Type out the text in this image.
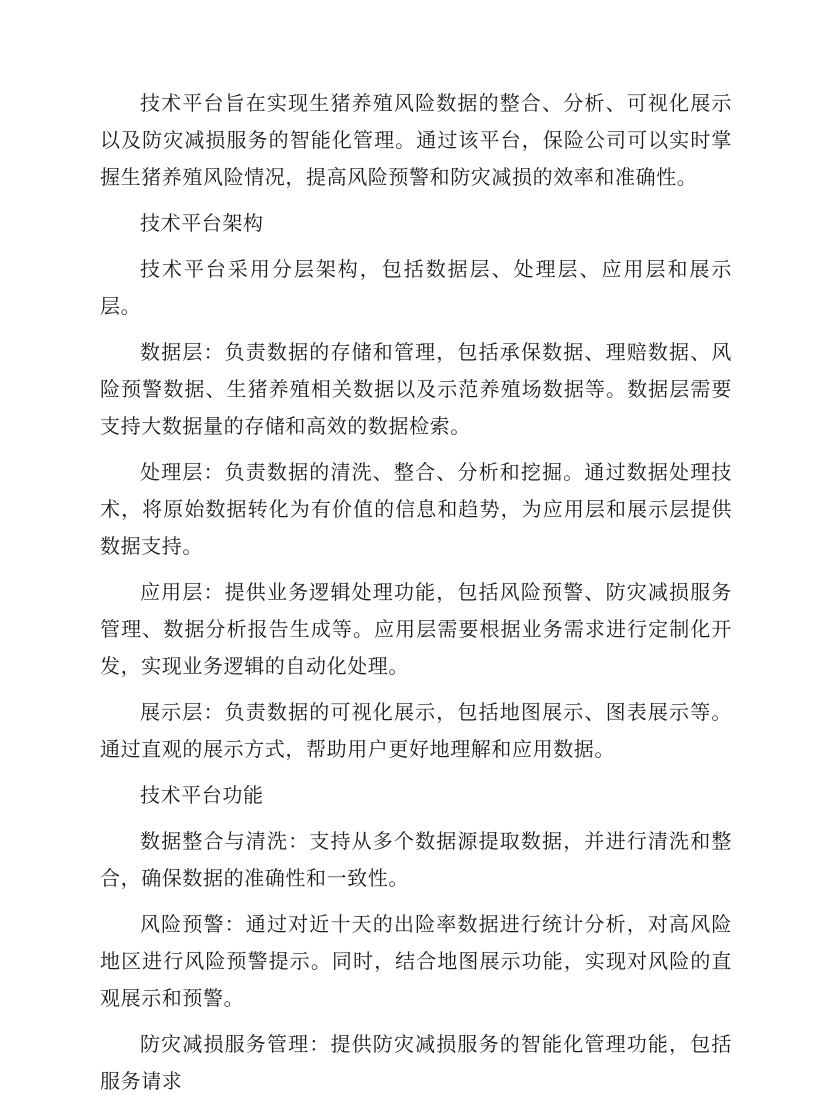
技术平台旨在实现生猪养殖风险数据的整合、分析、可视化展示以及防灾减损服务的智能化管理。通过该平台，保险公司可以实时掌握生猪养殖风险情况，提高风险预警和防灾减损的效率和准确性。

技术平台架构

技术平台采用分层架构，包括数据层、处理层、应用层和展示层。

数据层：负责数据的存储和管理，包括承保数据、理赔数据、风险预警数据、生猪养殖相关数据以及示范养殖场数据等。数据层需要支持大数据量的存储和高效的数据检索。

处理层：负责数据的清洗、整合、分析和挖掘。通过数据处理技术，将原始数据转化为有价值的信息和趋势，为应用层和展示层提供数据支持。

应用层：提供业务逻辑处理功能，包括风险预警、防灾减损服务管理、数据分析报告生成等。应用层需要根据业务需求进行定制化开发，实现业务逻辑的自动化处理。

展示层：负责数据的可视化展示，包括地图展示、图表展示等。通过直观的展示方式，帮助用户更好地理解和应用数据。

技术平台功能

数据整合与清洗：支持从多个数据源提取数据，并进行清洗和整合，确保数据的准确性和一致性。

风险预警：通过对近十天的出险率数据进行统计分析，对高风险地区进行风险预警提示。同时，结合地图展示功能，实现对风险的直观展示和预警。

防灾减损服务管理：提供防灾减损服务的智能化管理功能，包括服务请求
